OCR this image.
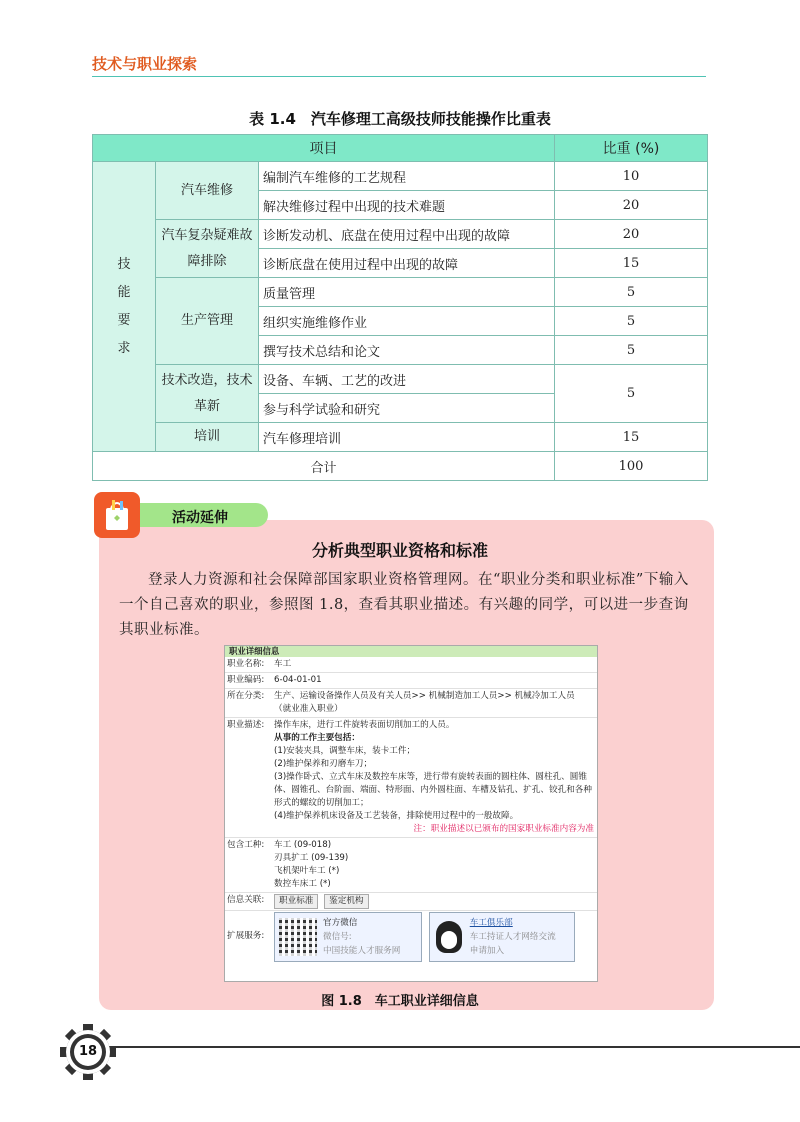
技术与职业探索
表 1.4　汽车修理工高级技师技能操作比重表
项目			比重 (%)
技能要求	汽车维修	编制汽车维修的工艺规程	10
		解决维修过程中出现的技术难题	20
	汽车复杂疑难故障排除	诊断发动机、底盘在使用过程中出现的故障	20
		诊断底盘在使用过程中出现的故障	15
	生产管理	质量管理	5
		组织实施维修作业	5
		撰写技术总结和论文	5
	技术改造，技术革新	设备、车辆、工艺的改进	5
		参与科学试验和研究	
	培训	汽车修理培训	15
合计			100
活动延伸
分析典型职业资格和标准
登录人力资源和社会保障部国家职业资格管理网。在“职业分类和职业标准”下输入一个自己喜欢的职业，参照图 1.8，查看其职业描述。有兴趣的同学，可以进一步查询其职业标准。
职业详细信息
职业名称:	车工
职业编码:	6-04-01-01
所在分类:	生产、运输设备操作人员及有关人员>> 机械制造加工人员>> 机械冷加工人员 （就业准入职业）
职业描述:	操作车床，进行工件旋转表面切削加工的人员。
从事的工作主要包括：
(1)安装夹具，调整车床，装卡工件；
(2)维护保养和刃磨车刀；
(3)操作卧式、立式车床及数控车床等，进行带有旋转表面的圆柱体、圆柱孔、圆锥体、圆锥孔、台阶面、端面、特形面、内外圆柱面、车槽及钻孔、扩孔、铰孔和各种形式的螺纹的切削加工；
(4)维护保养机床设备及工艺装备，排除使用过程中的一般故障。
注：职业描述以已颁布的国家职业标准内容为准
包含工种:	车工 (09-018)
刃具扩工 (09-139)
飞机架叶车工 (*)
数控车床工 (*)
信息关联:	职业标准 鉴定机构
扩展服务:
官方微信
微信号:
中国技能人才服务网

车工俱乐部
车工持证人才网络交流
申请加入
图 1.8　车工职业详细信息
18
